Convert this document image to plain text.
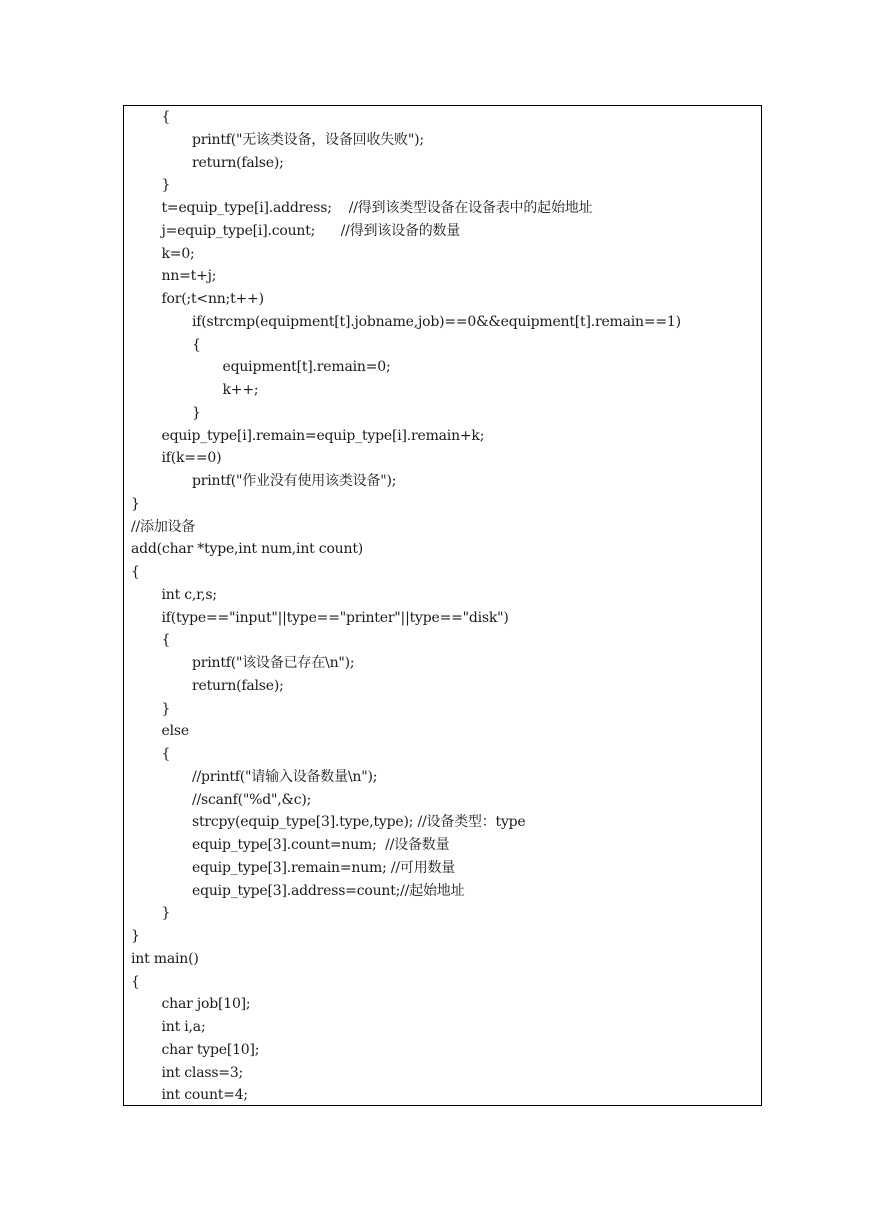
{
printf("无该类设备，设备回收失败");
return(false);
}
t=equip_type[i].address;    //得到该类型设备在设备表中的起始地址
j=equip_type[i].count;      //得到该设备的数量
k=0;
nn=t+j;
for(;t<nn;t++)
if(strcmp(equipment[t].jobname,job)==0&&equipment[t].remain==1)
{
equipment[t].remain=0;
k++;
}
equip_type[i].remain=equip_type[i].remain+k;
if(k==0)
printf("作业没有使用该类设备");
}
//添加设备
add(char *type,int num,int count)
{
int c,r,s;
if(type=="input"||type=="printer"||type=="disk")
{
printf("该设备已存在\n");
return(false);
}
else
{
//printf("请输入设备数量\n");
//scanf("%d",&c);
strcpy(equip_type[3].type,type); //设备类型：type
equip_type[3].count=num;  //设备数量
equip_type[3].remain=num; //可用数量
equip_type[3].address=count;//起始地址
}
}
int main()
{
char job[10];
int i,a;
char type[10];
int class=3;
int count=4;
